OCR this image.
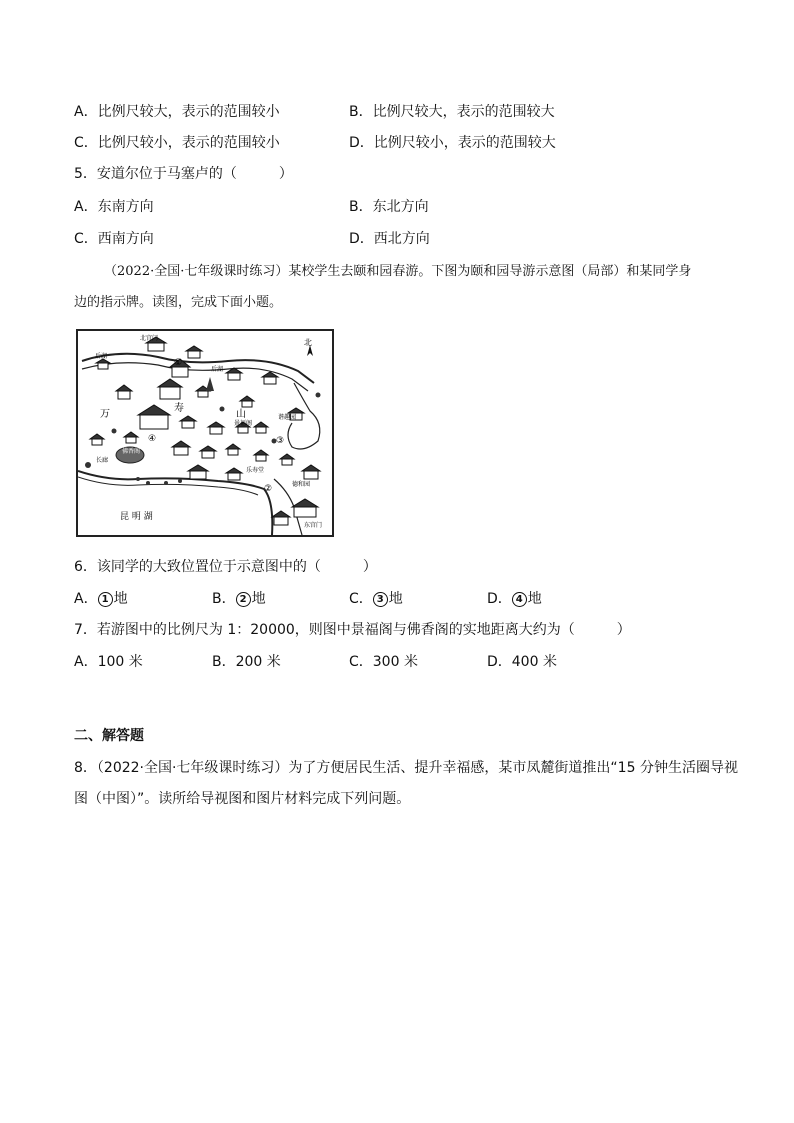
A．比例尺较大，表示的范围较小	B．比例尺较大，表示的范围较大
C．比例尺较小，表示的范围较小	D．比例尺较小，表示的范围较大
5．安道尔位于马塞卢的（　　　）
A．东南方向	B．东北方向
C．西南方向	D．西北方向
（2022·全国·七年级课时练习）某校学生去颐和园春游。下图为颐和园导游示意图（局部）和某同学身
边的指示牌。读图，完成下面小题。
北
北宫门
后湖
后湖
万
寿
山
景福阁
谐趣园
佛香阁
长廊
乐寿堂
德和园
昆 明 湖
东宫门
①
②
③
④
6．该同学的大致位置位于示意图中的（　　　）
A． 1 地	B． 2 地	C． 3 地	D． 4 地
7．若游图中的比例尺为 1：20000，则图中景福阁与佛香阁的实地距离大约为（　　　）
A．100 米	B．200 米	C．300 米	D．400 米
二、解答题
8．（2022·全国·七年级课时练习）为了方便居民生活、提升幸福感，某市凤麓街道推出“15 分钟生活圈导视
图（中图）”。读所给导视图和图片材料完成下列问题。
